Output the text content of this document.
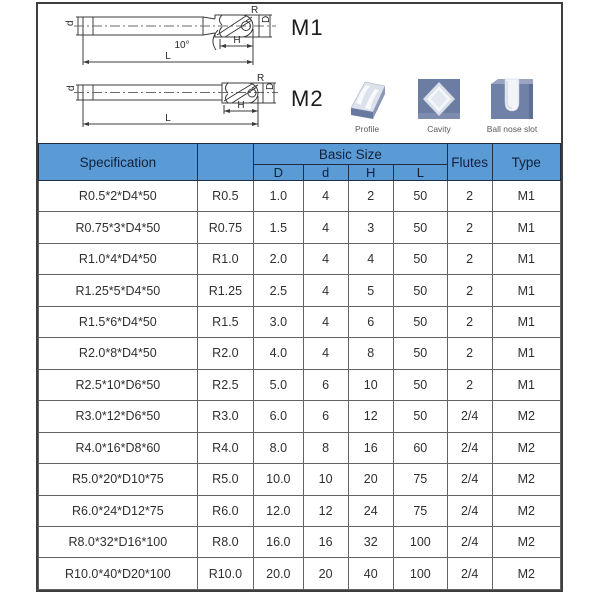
d
10°
R
D
H
L
M1
d
R
D
H
L
M2
Profile	Cavity	Ball nose slot
Specification		Basic Size				Flutes	Type
		D	d	H	L		
R0.5*2*D4*50	R0.5	1.0	4	2	50	2	M1
R0.75*3*D4*50	R0.75	1.5	4	3	50	2	M1
R1.0*4*D4*50	R1.0	2.0	4	4	50	2	M1
R1.25*5*D4*50	R1.25	2.5	4	5	50	2	M1
R1.5*6*D4*50	R1.5	3.0	4	6	50	2	M1
R2.0*8*D4*50	R2.0	4.0	4	8	50	2	M1
R2.5*10*D6*50	R2.5	5.0	6	10	50	2	M1
R3.0*12*D6*50	R3.0	6.0	6	12	50	2/4	M2
R4.0*16*D8*60	R4.0	8.0	8	16	60	2/4	M2
R5.0*20*D10*75	R5.0	10.0	10	20	75	2/4	M2
R6.0*24*D12*75	R6.0	12.0	12	24	75	2/4	M2
R8.0*32*D16*100	R8.0	16.0	16	32	100	2/4	M2
R10.0*40*D20*100	R10.0	20.0	20	40	100	2/4	M2
